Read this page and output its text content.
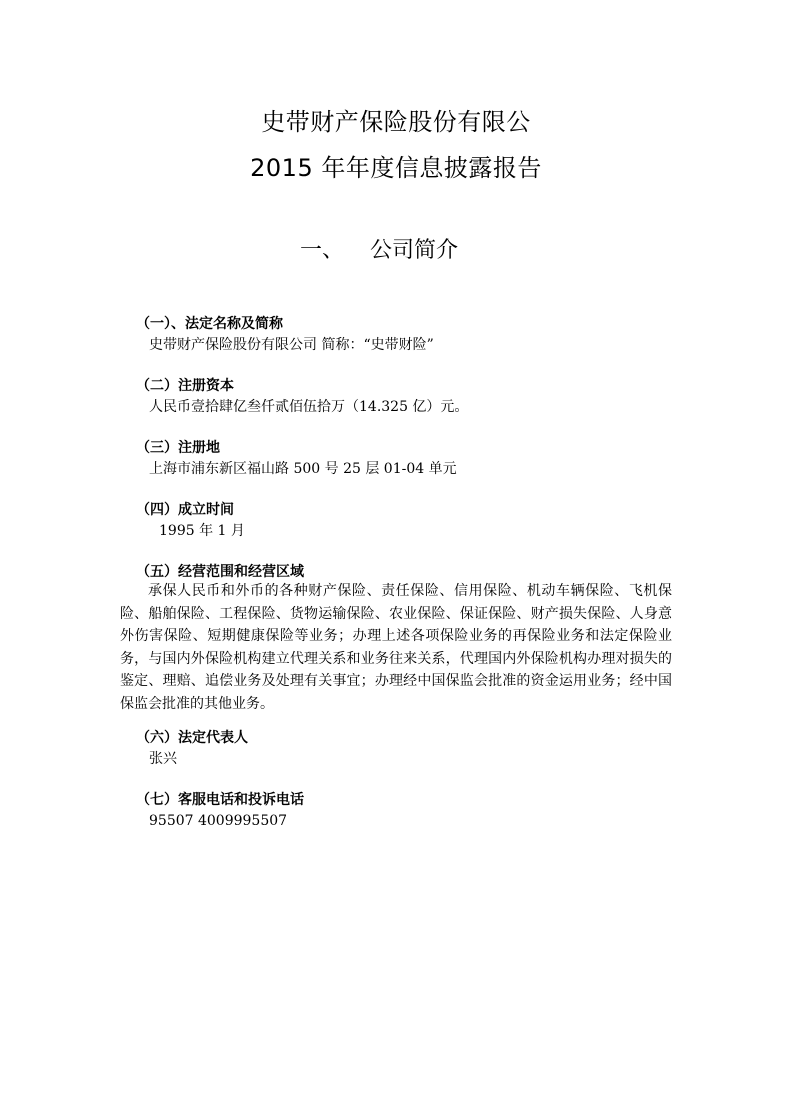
史带财产保险股份有限公
2015 年年度信息披露报告
一、 公司简介
（一）、法定名称及简称
史带财产保险股份有限公司 简称：“史带财险”
（二）注册资本
人民币壹拾肆亿叁仟贰佰伍拾万（14.325 亿）元。
（三）注册地
上海市浦东新区福山路 500 号 25 层 01-04 单元
（四）成立时间
1995 年 1 月
（五）经营范围和经营区域
承保人民币和外币的各种财产保险、责任保险、信用保险、机动车辆保险、飞机保险、船舶保险、工程保险、货物运输保险、农业保险、保证保险、财产损失保险、人身意外伤害保险、短期健康保险等业务；办理上述各项保险业务的再保险业务和法定保险业务，与国内外保险机构建立代理关系和业务往来关系，代理国内外保险机构办理对损失的鉴定、理赔、追偿业务及处理有关事宜；办理经中国保监会批准的资金运用业务；经中国保监会批准的其他业务。
（六）法定代表人
张兴
（七）客服电话和投诉电话
95507 4009995507
